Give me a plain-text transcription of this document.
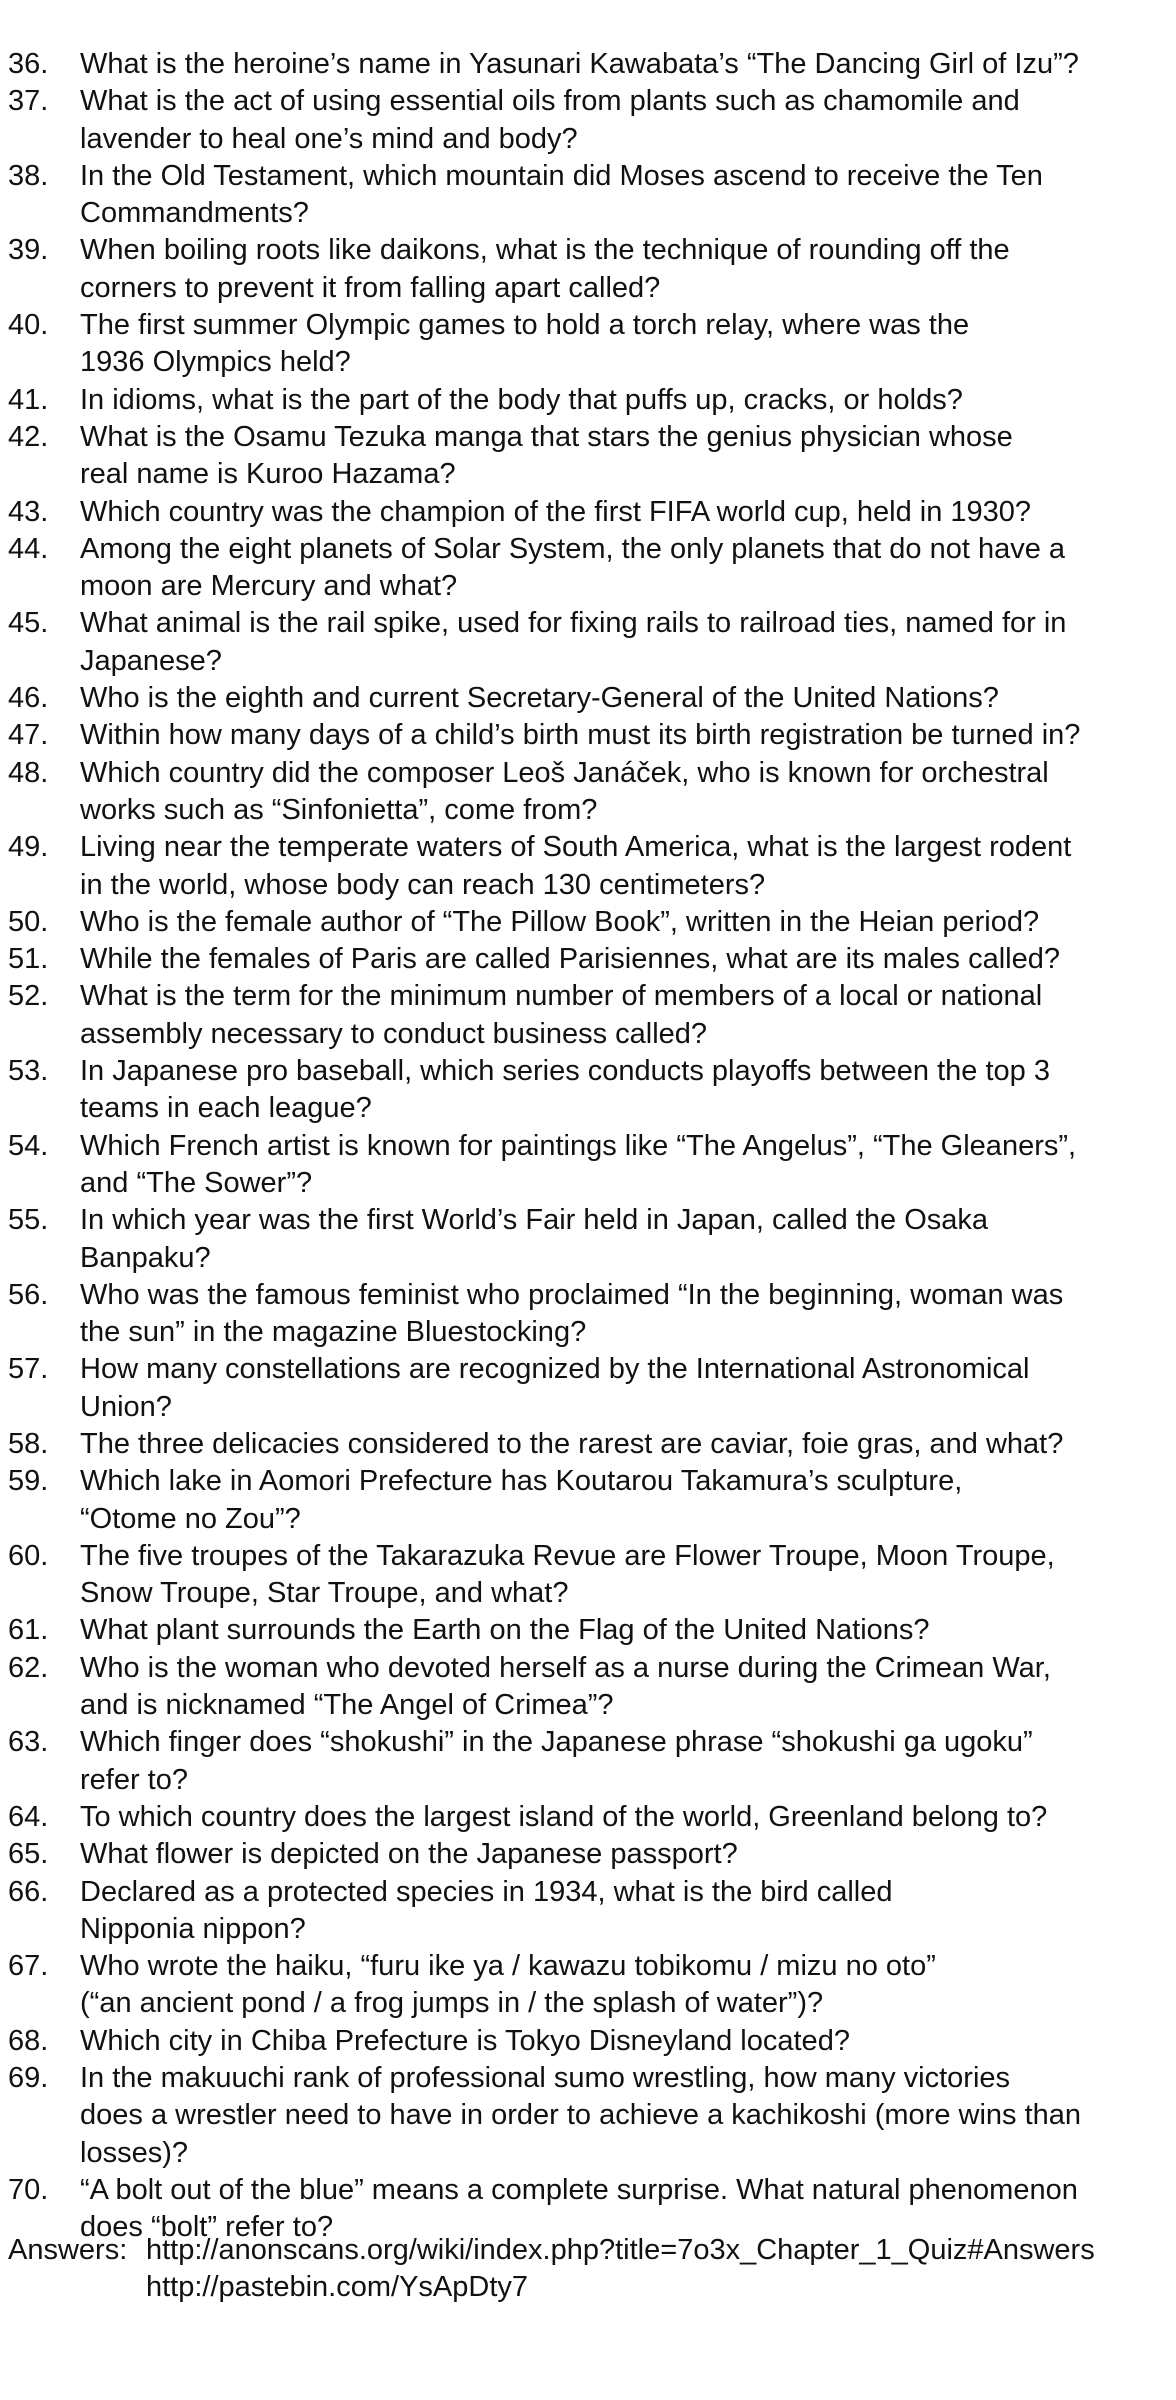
36.	What is the heroine’s name in Yasunari Kawabata’s “The Dancing Girl of Izu”?
37.	What is the act of using essential oils from plants such as chamomile and
lavender to heal one’s mind and body?
38.	In the Old Testament, which mountain did Moses ascend to receive the Ten
Commandments?
39.	When boiling roots like daikons, what is the technique of rounding off the
corners to prevent it from falling apart called?
40.	The first summer Olympic games to hold a torch relay, where was the
1936 Olympics held?
41.	In idioms, what is the part of the body that puffs up, cracks, or holds?
42.	What is the Osamu Tezuka manga that stars the genius physician whose
real name is Kuroo Hazama?
43.	Which country was the champion of the first FIFA world cup, held in 1930?
44.	Among the eight planets of Solar System, the only planets that do not have a
moon are Mercury and what?
45.	What animal is the rail spike, used for fixing rails to railroad ties, named for in
Japanese?
46.	Who is the eighth and current Secretary-General of the United Nations?
47.	Within how many days of a child’s birth must its birth registration be turned in?
48.	Which country did the composer Leoš Janáček, who is known for orchestral
works such as “Sinfonietta”, come from?
49.	Living near the temperate waters of South America, what is the largest rodent
in the world, whose body can reach 130 centimeters?
50.	Who is the female author of “The Pillow Book”, written in the Heian period?
51.	While the females of Paris are called Parisiennes, what are its males called?
52.	What is the term for the minimum number of members of a local or national
assembly necessary to conduct business called?
53.	In Japanese pro baseball, which series conducts playoffs between the top 3
teams in each league?
54.	Which French artist is known for paintings like “The Angelus”, “The Gleaners”,
and “The Sower”?
55.	In which year was the first World’s Fair held in Japan, called the Osaka
Banpaku?
56.	Who was the famous feminist who proclaimed “In the beginning, woman was
the sun” in the magazine Bluestocking?
57.	How many constellations are recognized by the International Astronomical
Union?
58.	The three delicacies considered to the rarest are caviar, foie gras, and what?
59.	Which lake in Aomori Prefecture has Koutarou Takamura’s sculpture,
“Otome no Zou”?
60.	The five troupes of the Takarazuka Revue are Flower Troupe, Moon Troupe,
Snow Troupe, Star Troupe, and what?
61.	What plant surrounds the Earth on the Flag of the United Nations?
62.	Who is the woman who devoted herself as a nurse during the Crimean War,
and is nicknamed “The Angel of Crimea”?
63.	Which finger does “shokushi” in the Japanese phrase “shokushi ga ugoku”
refer to?
64.	To which country does the largest island of the world, Greenland belong to?
65.	What flower is depicted on the Japanese passport?
66.	Declared as a protected species in 1934, what is the bird called
Nipponia nippon?
67.	Who wrote the haiku, “furu ike ya / kawazu tobikomu / mizu no oto”
(“an ancient pond / a frog jumps in / the splash of water”)?
68.	Which city in Chiba Prefecture is Tokyo Disneyland located?
69.	In the makuuchi rank of professional sumo wrestling, how many victories
does a wrestler need to have in order to achieve a kachikoshi (more wins than
losses)?
70.	“A bolt out of the blue” means a complete surprise. What natural phenomenon
does “bolt” refer to?
Answers: http://anonscans.org/wiki/index.php?title=7o3x_Chapter_1_Quiz#Answers
http://pastebin.com/YsApDty7
